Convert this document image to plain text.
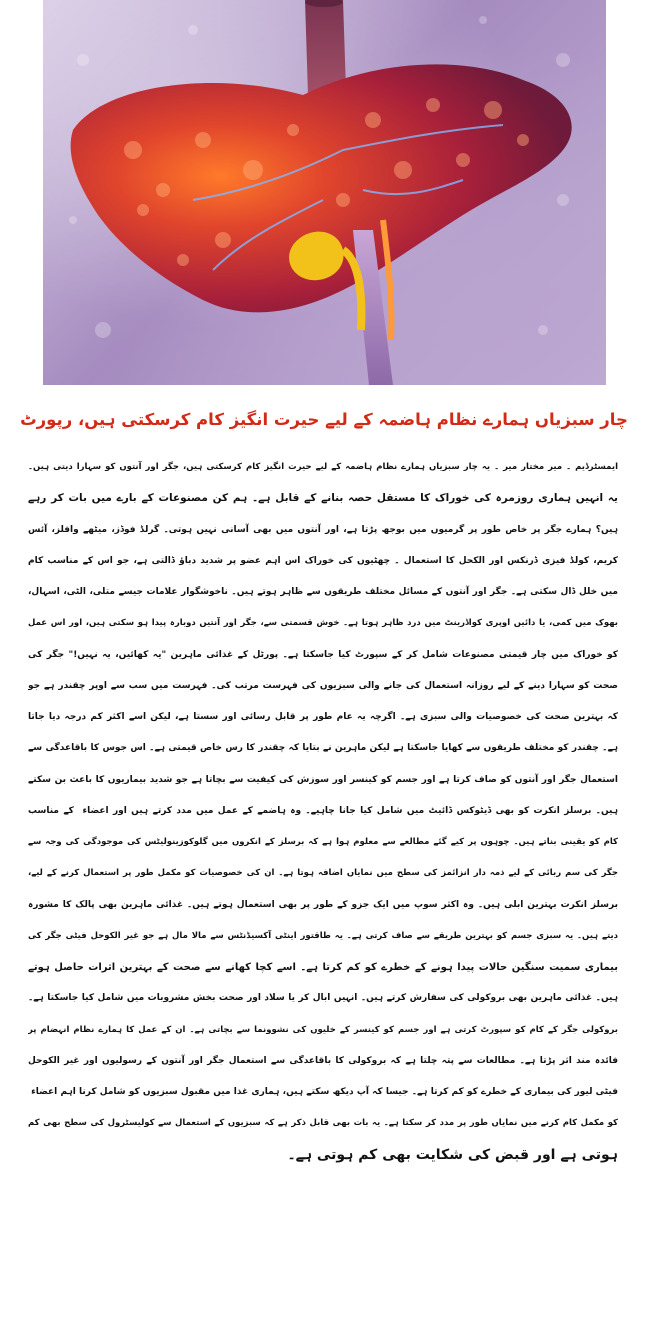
چار سبزیاں ہمارے نظام ہاضمہ کے لیے حیرت انگیز کام کرسکتی ہیں، رپورٹ

ایمسٹرڈیم ۔ میر مختار میر ۔ یہ چار سبزیاں ہمارے نظام ہاضمہ کے لیے حیرت انگیز کام کرسکتی ہیں، جگر اور آنتوں کو سہارا دیتی ہیں۔

یہ انہیں ہماری روزمرہ کی خوراک کا مستقل حصہ بنانے کے قابل ہے۔ ہم کن مصنوعات کے بارے میں بات کر رہے

ہیں؟ ہمارے جگر پر خاص طور پر گرمیوں میں بوجھ پڑتا ہے، اور آنتوں میں بھی آسانی نہیں ہوتی۔ گرلڈ فوڈز، میٹھے وافلز، آئس

کریم، کولڈ فیزی ڈرنکس اور الکحل کا استعمال ۔ چھٹیوں کی خوراک اس اہم عضو پر شدید دباؤ ڈالتی ہے، جو اس کے مناسب کام

میں خلل ڈال سکتی ہے۔ جگر اور آنتوں کے مسائل مختلف طریقوں سے ظاہر ہوتے ہیں۔ ناخوشگوار علامات جیسے متلی، الٹی، اسہال،

بھوک میں کمی، یا دائیں اوپری کواڈرینٹ میں درد ظاہر ہوتا ہے۔ خوش قسمتی سے، جگر اور آنتیں دوبارہ پیدا ہو سکتی ہیں، اور اس عمل

کو خوراک میں چار قیمتی مصنوعات شامل کر کے سپورٹ کیا جاسکتا ہے۔ پورٹل کے غذائی ماہرین "یہ کھائیں، یہ نہیں!" جگر کی

صحت کو سہارا دینے کے لیے روزانہ استعمال کی جانے والی سبزیوں کی فہرست مرتب کی۔ فہرست میں سب سے اوپر چقندر ہے جو

کہ بہترین صحت کی خصوصیات والی سبزی ہے۔ اگرچہ یہ عام طور پر قابل رسائی اور سستا ہے، لیکن اسے اکثر کم درجہ دیا جاتا

ہے۔ چقندر کو مختلف طریقوں سے کھایا جاسکتا ہے لیکن ماہرین نے بتایا کہ چقندر کا رس خاص قیمتی ہے۔ اس جوس کا باقاعدگی سے

استعمال جگر اور آنتوں کو صاف کرتا ہے اور جسم کو کینسر اور سوزش کی کیفیت سے بچاتا ہے جو شدید بیماریوں کا باعث بن سکتے

ہیں۔ برسلز انکرت کو بھی ڈیٹوکس ڈائیٹ میں شامل کیا جانا چاہیے۔ وہ ہاضمے کے عمل میں مدد کرتے ہیں اور اعضاء ￼ کے مناسب

کام کو یقینی بناتے ہیں۔ چوہوں پر کیے گئے مطالعے سے معلوم ہوا ہے کہ برسلز کے انکروں میں گلوکوزینولیٹس کی موجودگی کی وجہ سے

جگر کی سم ربائی کے لیے ذمہ دار انزائمز کی سطح میں نمایاں اضافہ ہوتا ہے۔ ان کی خصوصیات کو مکمل طور پر استعمال کرنے کے لیے،

برسلز انکرت بہترین ابلی ہیں۔ وہ اکثر سوپ میں ایک جزو کے طور پر بھی استعمال ہوتے ہیں۔ غذائی ماہرین بھی پالک کا مشورہ

دیتے ہیں۔ یہ سبزی جسم کو بہترین طریقے سے صاف کرتی ہے۔ یہ طاقتور اینٹی آکسیڈنٹس سے مالا مال ہے جو غیر الکوحل فیٹی جگر کی

بیماری سمیت سنگین حالات پیدا ہونے کے خطرے کو کم کرتا ہے۔ اسے کچا کھانے سے صحت کے بہترین اثرات حاصل ہوتے

ہیں۔ غذائی ماہرین بھی بروکولی کی سفارش کرتے ہیں۔ انہیں ابال کر یا سلاد اور صحت بخش مشروبات میں شامل کیا جاسکتا ہے۔

بروکولی جگر کے کام کو سپورٹ کرتی ہے اور جسم کو کینسر کے خلیوں کی نشوونما سے بچاتی ہے۔ ان کے عمل کا ہمارے نظام انہضام پر

فائدہ مند اثر پڑتا ہے۔ مطالعات سے پتہ چلتا ہے کہ بروکولی کا باقاعدگی سے استعمال جگر اور آنتوں کے رسولیوں اور غیر الکوحل

فیٹی لیور کی بیماری کے خطرے کو کم کرتا ہے۔ جیسا کہ آپ دیکھ سکتے ہیں، ہماری غذا میں مقبول سبزیوں کو شامل کرنا اہم اعضاء ￼

کو مکمل کام کرنے میں نمایاں طور پر مدد کر سکتا ہے۔ یہ بات بھی قابل ذکر ہے کہ سبزیوں کے استعمال سے کولیسٹرول کی سطح بھی کم

ہوتی ہے اور قبض کی شکایت بھی کم ہوتی ہے۔
